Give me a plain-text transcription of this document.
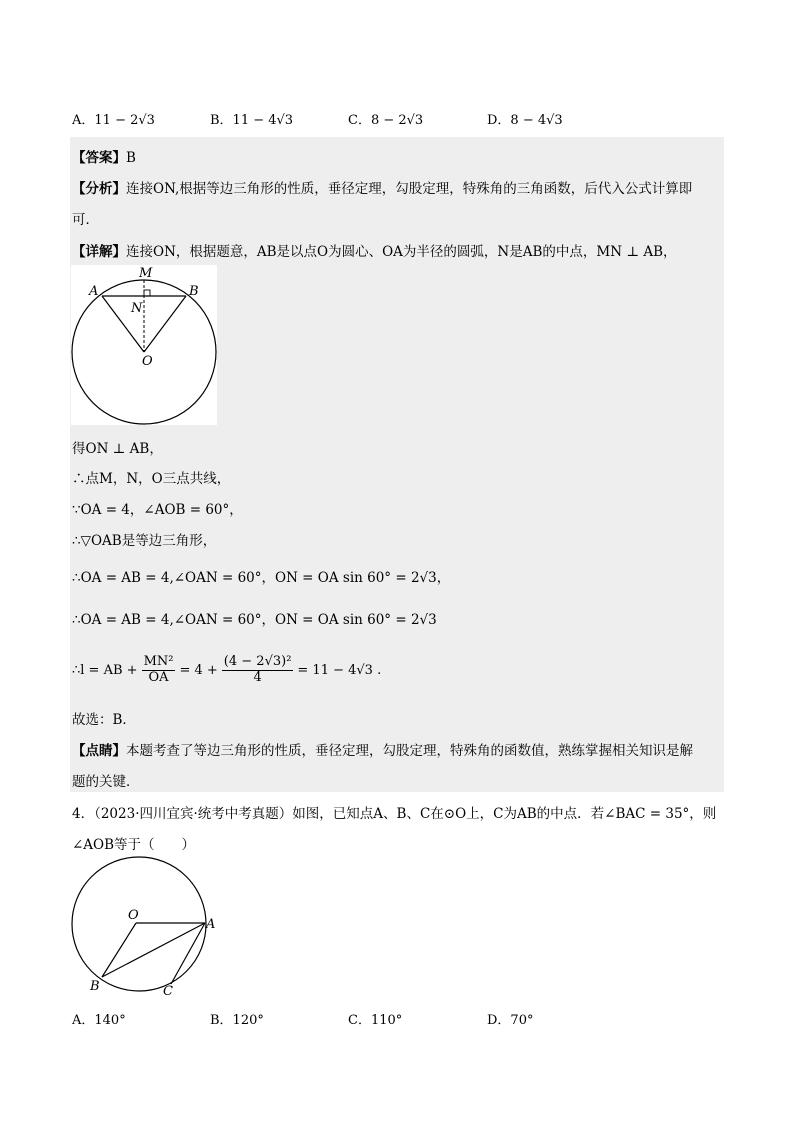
A．11 − 2√3	B．11 − 4√3	C．8 − 2√3	D．8 − 4√3
【答案】B
【分析】连接ON,根据等边三角形的性质，垂径定理，勾股定理，特殊角的三角函数，后代入公式计算即
可．
【详解】连接ON，根据题意，AB是以点O为圆心、OA为半径的圆弧，N是AB的中点，MN ⊥ AB，
M
A	B
N
O
得ON ⊥ AB，
∴点M，N，O三点共线，
∵OA = 4，∠AOB = 60°，
∴▽OAB是等边三角形，
∴OA = AB = 4,∠OAN = 60°，ON = OA sin 60° = 2√3，
∴OA = AB = 4,∠OAN = 60°，ON = OA sin 60° = 2√3
∴l = AB + $\frac{\text{MN²}}{OA} = 4 + \frac{\text{(4 − 2√3)²}}{4} = 11 - 4√3$ .
故选：B．
【点睛】本题考查了等边三角形的性质，垂径定理，勾股定理，特殊角的函数值，熟练掌握相关知识是解
题的关键．
4．（2023·四川宜宾·统考中考真题）如图，已知点A、B、C在⊙O上，C为AB的中点．若∠BAC = 35°，则
∠AOB等于（　　）
O
A
B	C
A．140°	B．120°	C．110°	D．70°
